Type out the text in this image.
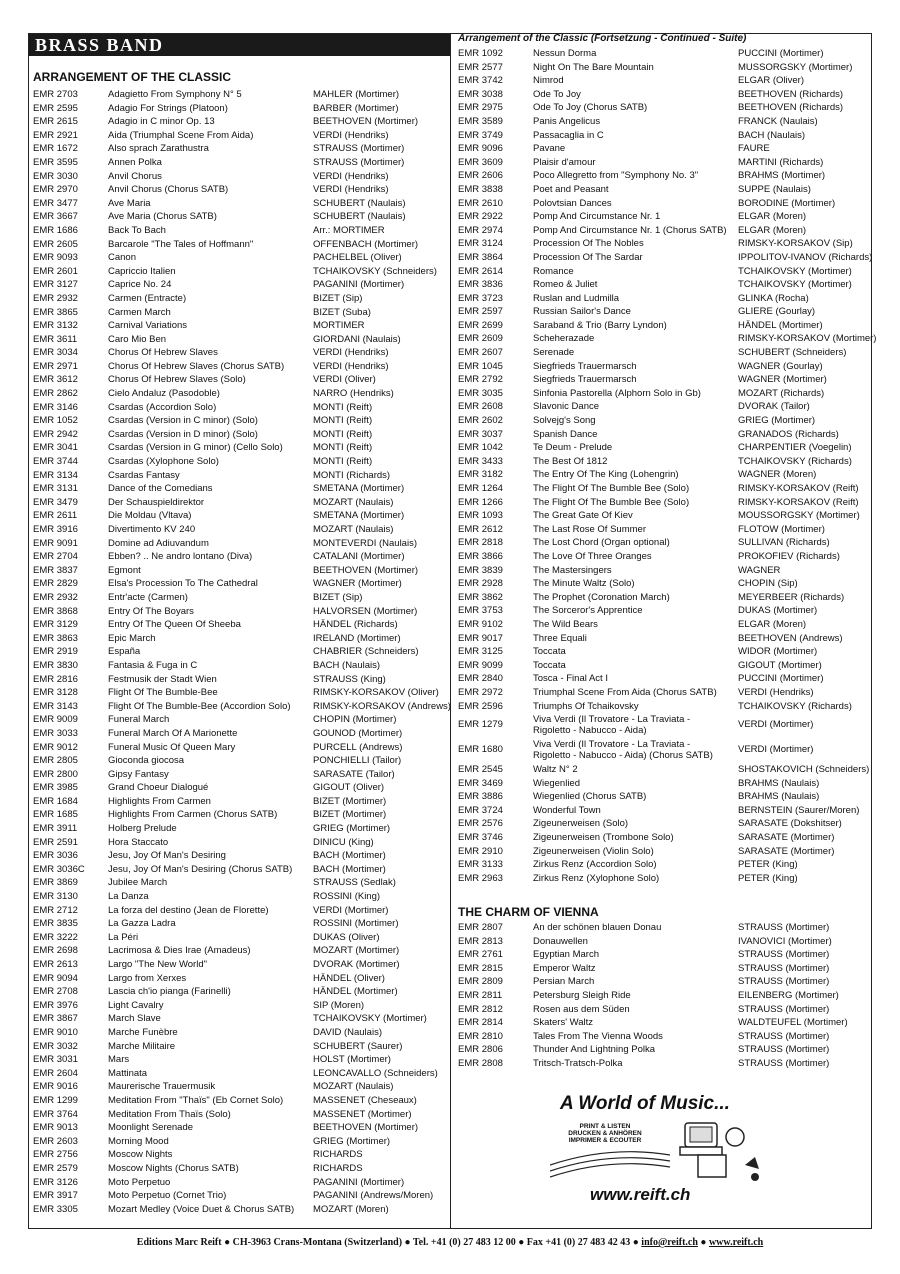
BRASS BAND
ARRANGEMENT OF THE CLASSIC
EMR 2703	Adagietto From Symphony N° 5	MAHLER (Mortimer)
EMR 2595	Adagio For Strings (Platoon)	BARBER (Mortimer)
EMR 2615	Adagio in C minor Op. 13	BEETHOVEN (Mortimer)
EMR 2921	Aida (Triumphal Scene From Aida)	VERDI (Hendriks)
EMR 1672	Also sprach Zarathustra	STRAUSS (Mortimer)
EMR 3595	Annen Polka	STRAUSS (Mortimer)
EMR 3030	Anvil Chorus	VERDI (Hendriks)
EMR 2970	Anvil Chorus (Chorus SATB)	VERDI (Hendriks)
EMR 3477	Ave Maria	SCHUBERT (Naulais)
EMR 3667	Ave Maria (Chorus SATB)	SCHUBERT (Naulais)
EMR 1686	Back To Bach	Arr.: MORTIMER
EMR 2605	Barcarole "The Tales of Hoffmann"	OFFENBACH (Mortimer)
EMR 9093	Canon	PACHELBEL (Oliver)
EMR 2601	Capriccio Italien	TCHAIKOVSKY (Schneiders)
EMR 3127	Caprice No. 24	PAGANINI (Mortimer)
EMR 2932	Carmen (Entracte)	BIZET (Sip)
EMR 3865	Carmen March	BIZET (Suba)
EMR 3132	Carnival Variations	MORTIMER
EMR 3611	Caro Mio Ben	GIORDANI (Naulais)
EMR 3034	Chorus Of Hebrew Slaves	VERDI (Hendriks)
EMR 2971	Chorus Of Hebrew Slaves (Chorus SATB)	VERDI (Hendriks)
EMR 3612	Chorus Of Hebrew Slaves (Solo)	VERDI (Oliver)
EMR 2862	Cielo Andaluz (Pasodoble)	NARRO (Hendriks)
EMR 3146	Csardas (Accordion Solo)	MONTI (Reift)
EMR 1052	Csardas (Version in C minor) (Solo)	MONTI (Reift)
EMR 2942	Csardas (Version in D minor) (Solo)	MONTI (Reift)
EMR 3041	Csardas (Version in G minor) (Cello Solo)	MONTI (Reift)
EMR 3744	Csardas (Xylophone Solo)	MONTI (Reift)
EMR 3134	Csardas Fantasy	MONTI (Richards)
EMR 3131	Dance of the Comedians	SMETANA (Mortimer)
EMR 3479	Der Schauspieldirektor	MOZART (Naulais)
EMR 2611	Die Moldau (Vltava)	SMETANA (Mortimer)
EMR 3916	Divertimento KV 240	MOZART (Naulais)
EMR 9091	Domine ad Adiuvandum	MONTEVERDI (Naulais)
EMR 2704	Ebben? .. Ne andro lontano (Diva)	CATALANI (Mortimer)
EMR 3837	Egmont	BEETHOVEN (Mortimer)
EMR 2829	Elsa's Procession To The Cathedral	WAGNER (Mortimer)
EMR 2932	Entr'acte (Carmen)	BIZET (Sip)
EMR 3868	Entry Of The Boyars	HALVORSEN (Mortimer)
EMR 3129	Entry Of The Queen Of Sheeba	HÄNDEL (Richards)
EMR 3863	Epic March	IRELAND (Mortimer)
EMR 2919	España	CHABRIER (Schneiders)
EMR 3830	Fantasia & Fuga in C	BACH (Naulais)
EMR 2816	Festmusik der Stadt Wien	STRAUSS (King)
EMR 3128	Flight Of The Bumble-Bee	RIMSKY-KORSAKOV (Oliver)
EMR 3143	Flight Of The Bumble-Bee (Accordion Solo) RIMSKY-KORSAKOV (Andrews)
EMR 9009	Funeral March	CHOPIN (Mortimer)
EMR 3033	Funeral March Of A Marionette	GOUNOD (Mortimer)
EMR 9012	Funeral Music Of Queen Mary	PURCELL (Andrews)
EMR 2805	Gioconda giocosa	PONCHIELLI (Tailor)
EMR 2800	Gipsy Fantasy	SARASATE (Tailor)
EMR 3985	Grand Choeur Dialogué	GIGOUT (Oliver)
EMR 1684	Highlights From Carmen	BIZET (Mortimer)
EMR 1685	Highlights From Carmen (Chorus SATB)	BIZET (Mortimer)
EMR 3911	Holberg Prelude	GRIEG (Mortimer)
EMR 2591	Hora Staccato	DINICU (King)
EMR 3036	Jesu, Joy Of Man's Desiring	BACH (Mortimer)
EMR 3036C Jesu, Joy Of Man's Desiring (Chorus SATB) BACH (Mortimer)
EMR 3869	Jubilee March	STRAUSS (Sedlak)
EMR 3130	La Danza	ROSSINI (King)
EMR 2712	La forza del destino (Jean de Florette)	VERDI (Mortimer)
EMR 3835	La Gazza Ladra	ROSSINI (Mortimer)
EMR 3222	La Péri	DUKAS (Oliver)
EMR 2698	Lacrimosa & Dies Irae (Amadeus)	MOZART (Mortimer)
EMR 2613	Largo "The New World"	DVORAK (Mortimer)
EMR 9094	Largo from Xerxes	HÄNDEL (Oliver)
EMR 2708	Lascia ch'io pianga (Farinelli)	HÄNDEL (Mortimer)
EMR 3976	Light Cavalry	SIP (Moren)
EMR 3867	March Slave	TCHAIKOVSKY (Mortimer)
EMR 9010	Marche Funèbre	DAVID (Naulais)
EMR 3032	Marche Militaire	SCHUBERT (Saurer)
EMR 3031	Mars	HOLST (Mortimer)
EMR 2604	Mattinata	LEONCAVALLO (Schneiders)
EMR 9016	Maurerische Trauermusik	MOZART (Naulais)
EMR 1299	Meditation From "Thaïs" (Eb Cornet Solo)	MASSENET (Cheseaux)
EMR 3764	Meditation From Thaïs (Solo)	MASSENET (Mortimer)
EMR 9013	Moonlight Serenade	BEETHOVEN (Mortimer)
EMR 2603	Morning Mood	GRIEG (Mortimer)
EMR 2756	Moscow Nights	RICHARDS
EMR 2579	Moscow Nights (Chorus SATB)	RICHARDS
EMR 3126	Moto Perpetuo	PAGANINI (Mortimer)
EMR 3917	Moto Perpetuo (Cornet Trio)	PAGANINI (Andrews/Moren)
EMR 3305	Mozart Medley (Voice Duet & Chorus SATB) MOZART (Moren)
Arrangement of the Classic (Fortsetzung - Continued - Suite)
EMR 1092	Nessun Dorma	PUCCINI (Mortimer)
EMR 2577	Night On The Bare Mountain	MUSSORGSKY (Mortimer)
EMR 3742	Nimrod	ELGAR (Oliver)
EMR 3038	Ode To Joy	BEETHOVEN (Richards)
EMR 2975	Ode To Joy (Chorus SATB)	BEETHOVEN (Richards)
EMR 3589	Panis Angelicus	FRANCK (Naulais)
EMR 3749	Passacaglia in C	BACH (Naulais)
EMR 9096	Pavane	FAURE
EMR 3609	Plaisir d'amour	MARTINI (Richards)
EMR 2606	Poco Allegretto from "Symphony No. 3"	BRAHMS (Mortimer)
EMR 3838	Poet and Peasant	SUPPE (Naulais)
EMR 2610	Polovtsian Dances	BORODINE (Mortimer)
EMR 2922	Pomp And Circumstance Nr. 1	ELGAR (Moren)
EMR 2974	Pomp And Circumstance Nr. 1 (Chorus SATB) ELGAR (Moren)
EMR 3124	Procession Of The Nobles	RIMSKY-KORSAKOV (Sip)
EMR 3864	Procession Of The Sardar	IPPOLITOV-IVANOV (Richards)
EMR 2614	Romance	TCHAIKOVSKY (Mortimer)
EMR 3836	Romeo & Juliet	TCHAIKOVSKY (Mortimer)
EMR 3723	Ruslan and Ludmilla	GLINKA (Rocha)
EMR 2597	Russian Sailor's Dance	GLIERE (Gourlay)
EMR 2699	Saraband & Trio (Barry Lyndon)	HÄNDEL (Mortimer)
EMR 2609	Scheherazade	RIMSKY-KORSAKOV (Mortimer)
EMR 2607	Serenade	SCHUBERT (Schneiders)
EMR 1045	Siegfrieds Trauermarsch	WAGNER (Gourlay)
EMR 2792	Siegfrieds Trauermarsch	WAGNER (Mortimer)
EMR 3035	Sinfonia Pastorella (Alphorn Solo in Gb)	MOZART (Richards)
EMR 2608	Slavonic Dance	DVORAK (Tailor)
EMR 2602	Solvejg's Song	GRIEG (Mortimer)
EMR 3037	Spanish Dance	GRANADOS (Richards)
EMR 1042	Te Deum - Prelude	CHARPENTIER (Voegelin)
EMR 3433	The Best Of 1812	TCHAIKOVSKY (Richards)
EMR 3182	The Entry Of The King (Lohengrin)	WAGNER (Moren)
EMR 1264	The Flight Of The Bumble Bee (Solo)	RIMSKY-KORSAKOV (Reift)
EMR 1266	The Flight Of The Bumble Bee (Solo)	RIMSKY-KORSAKOV (Reift)
EMR 1093	The Great Gate Of Kiev	MOUSSORGSKY (Mortimer)
EMR 2612	The Last Rose Of Summer	FLOTOW (Mortimer)
EMR 2818	The Lost Chord (Organ optional)	SULLIVAN (Richards)
EMR 3866	The Love Of Three Oranges	PROKOFIEV (Richards)
EMR 3839	The Mastersingers	WAGNER
EMR 2928	The Minute Waltz (Solo)	CHOPIN (Sip)
EMR 3862	The Prophet (Coronation March)	MEYERBEER (Richards)
EMR 3753	The Sorceror's Apprentice	DUKAS (Mortimer)
EMR 9102	The Wild Bears	ELGAR (Moren)
EMR 9017	Three Equali	BEETHOVEN (Andrews)
EMR 3125	Toccata	WIDOR (Mortimer)
EMR 9099	Toccata	GIGOUT (Mortimer)
EMR 2840	Tosca - Final Act I	PUCCINI (Mortimer)
EMR 2972	Triumphal Scene From Aida (Chorus SATB) VERDI (Hendriks)
EMR 2596	Triumphs Of Tchaikovsky	TCHAIKOVSKY (Richards)
EMR 1279	Viva Verdi (Il Trovatore - La Traviata -
Rigoletto - Nabucco - Aida)
VERDI (Mortimer)
EMR 1680	Viva Verdi (Il Trovatore - La Traviata -
Rigoletto - Nabucco - Aida) (Chorus SATB)
VERDI (Mortimer)
EMR 2545	Waltz N° 2	SHOSTAKOVICH (Schneiders)
EMR 3469	Wiegenlied	BRAHMS (Naulais)
EMR 3886	Wiegenlied (Chorus SATB)	BRAHMS (Naulais)
EMR 3724	Wonderful Town	BERNSTEIN (Saurer/Moren)
EMR 2576	Zigeunerweisen (Solo)	SARASATE (Dokshitser)
EMR 3746	Zigeunerweisen (Trombone Solo)	SARASATE (Mortimer)
EMR 2910	Zigeunerweisen (Violin Solo)	SARASATE (Mortimer)
EMR 3133	Zirkus Renz (Accordion Solo)	PETER (King)
EMR 2963	Zirkus Renz (Xylophone Solo)	PETER (King)
THE CHARM OF VIENNA
EMR 2807	An der schönen blauen Donau	STRAUSS (Mortimer)
EMR 2813	Donauwellen	IVANOVICI (Mortimer)
EMR 2761	Egyptian March	STRAUSS (Mortimer)
EMR 2815	Emperor Waltz	STRAUSS (Mortimer)
EMR 2809	Persian March	STRAUSS (Mortimer)
EMR 2811	Petersburg Sleigh Ride	EILENBERG (Mortimer)
EMR 2812	Rosen aus dem Süden	STRAUSS (Mortimer)
EMR 2814	Skaters' Waltz	WALDTEUFEL (Mortimer)
EMR 2810	Tales From The Vienna Woods	STRAUSS (Mortimer)
EMR 2806	Thunder And Lightning Polka	STRAUSS (Mortimer)
EMR 2808	Tritsch-Tratsch-Polka	STRAUSS (Mortimer)
A World of Music...
PRINT & LISTEN
DRUCKEN & ANHÖREN
IMPRIMER & ECOUTER
www.reift.ch
Editions Marc Reift ● CH-3963 Crans-Montana (Switzerland) ● Tel. +41 (0) 27 483 12 00 ● Fax +41 (0) 27 483 42 43 ● info@reift.ch ● www.reift.ch
